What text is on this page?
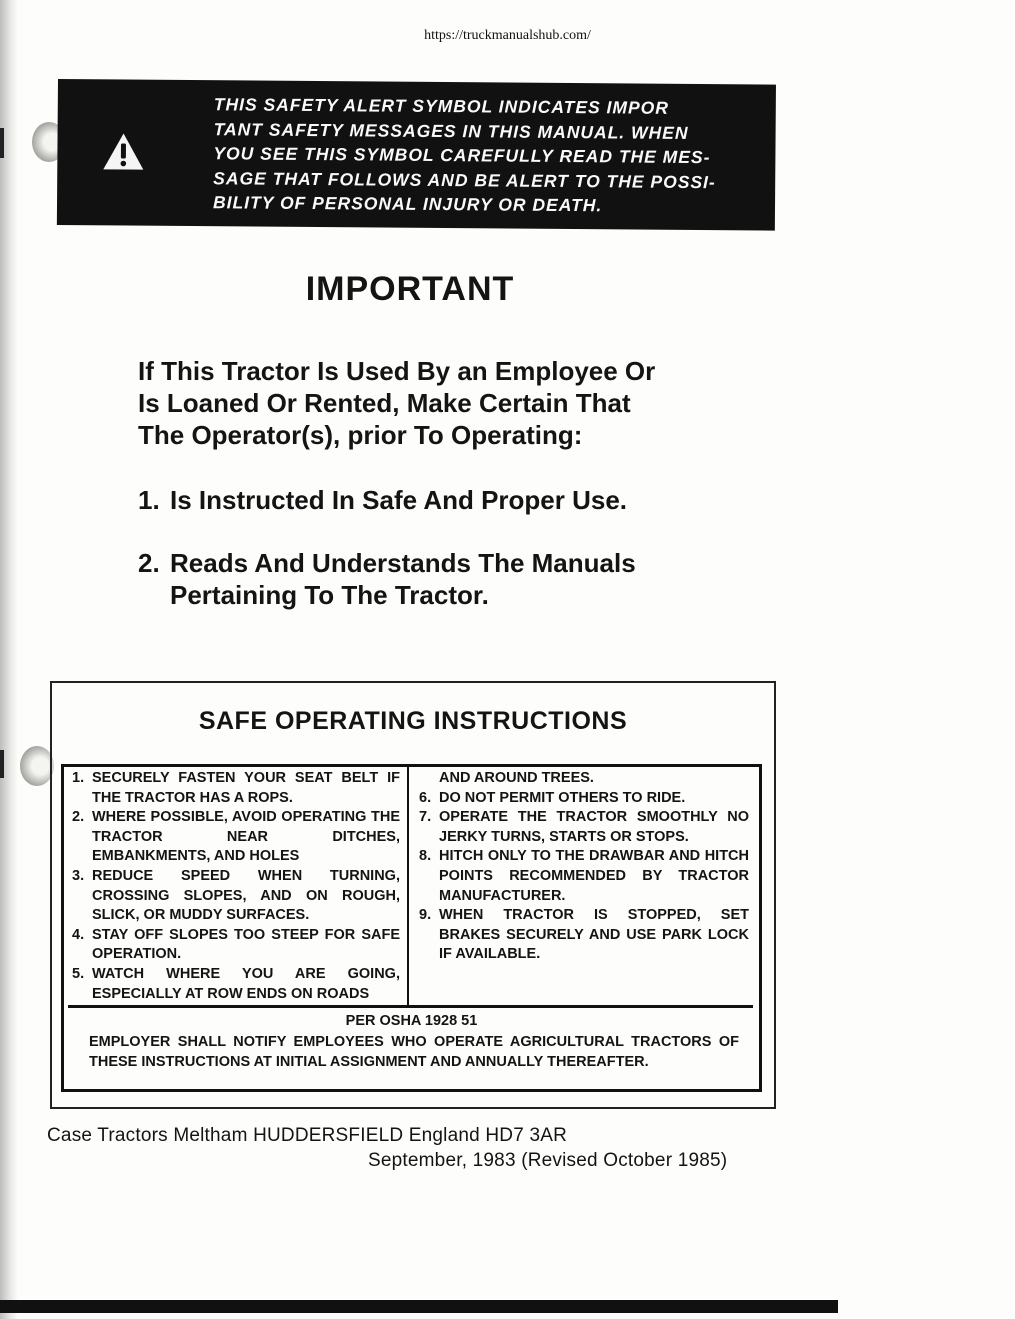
https://truckmanualshub.com/
THIS SAFETY ALERT SYMBOL INDICATES IMPOR
TANT SAFETY MESSAGES IN THIS MANUAL. WHEN
YOU SEE THIS SYMBOL CAREFULLY READ THE MES-
SAGE THAT FOLLOWS AND BE ALERT TO THE POSSI-
BILITY OF PERSONAL INJURY OR DEATH.
IMPORTANT
If This Tractor Is Used By an Employee Or
Is Loaned Or Rented, Make Certain That
The Operator(s), prior To Operating:
1. Is Instructed In Safe And Proper Use.
2. Reads And Understands The Manuals
Pertaining To The Tractor.
SAFE OPERATING INSTRUCTIONS
1. SECURELY FASTEN YOUR SEAT BELT IF THE TRACTOR HAS A ROPS.
2. WHERE POSSIBLE, AVOID OPERATING THE TRACTOR NEAR DITCHES, EMBANKMENTS, AND HOLES
3. REDUCE SPEED WHEN TURNING, CROSSING SLOPES, AND ON ROUGH, SLICK, OR MUDDY SURFACES.
4. STAY OFF SLOPES TOO STEEP FOR SAFE OPERATION.
5. WATCH WHERE YOU ARE GOING, ESPECIALLY AT ROW ENDS ON ROADS
AND AROUND TREES.
6. DO NOT PERMIT OTHERS TO RIDE.
7. OPERATE THE TRACTOR SMOOTHLY NO JERKY TURNS, STARTS OR STOPS.
8. HITCH ONLY TO THE DRAWBAR AND HITCH POINTS RECOMMENDED BY TRACTOR MANUFACTURER.
9. WHEN TRACTOR IS STOPPED, SET BRAKES SECURELY AND USE PARK LOCK IF AVAILABLE.
PER OSHA 1928 51
EMPLOYER SHALL NOTIFY EMPLOYEES WHO OPERATE AGRICULTURAL TRACTORS OF THESE INSTRUCTIONS AT INITIAL ASSIGNMENT AND ANNUALLY THEREAFTER.
Case Tractors Meltham HUDDERSFIELD England HD7 3AR
September, 1983 (Revised October 1985)
